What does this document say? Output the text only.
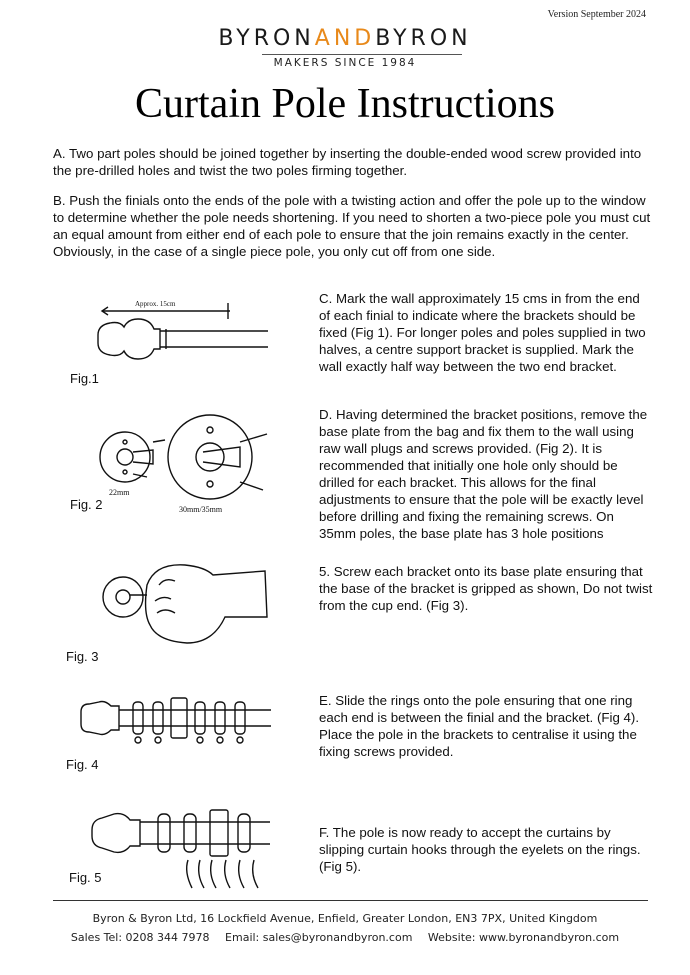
Version September 2024
BYRONANDBYRON
MAKERS SINCE 1984
Curtain Pole Instructions

A. Two part poles should be joined together by inserting the double-ended wood screw provided into the pre-drilled holes and twist the two poles firming together.

B. Push the finials onto the ends of the pole with a twisting action and offer the pole up to the window to determine whether the pole needs shortening. If you need to shorten a two-piece pole you must cut an equal amount from either end of each pole to ensure that the join remains exactly in the center. Obviously, in the case of a single piece pole, you only cut off from one side.

C. Mark the wall approximately 15 cms in from the end of each finial to indicate where the brackets should be fixed (Fig 1). For longer poles and poles supplied in two halves, a centre support bracket is supplied. Mark the wall exactly half way between the two end bracket.

Fig.1
Approx. 15cm

D. Having determined the bracket positions, remove the base plate from the bag and fix them to the wall using raw wall plugs and screws provided. (Fig 2). It is recommended that initially one hole only should be drilled for each bracket. This allows for the final adjustments to ensure that the pole will be exactly level before drilling and fixing the remaining screws. On 35mm poles, the base plate has 3 hole positions

Fig. 2
22mm
30mm/35mm

5. Screw each bracket onto its base plate ensuring that the base of the bracket is gripped as shown, Do not twist from the cup end. (Fig 3).

Fig. 3

E. Slide the rings onto the pole ensuring that one ring each end is between the finial and the bracket. (Fig 4). Place the pole in the brackets to centralise it using the fixing screws provided.

Fig. 4

F. The pole is now ready to accept the curtains by slipping curtain hooks through the eyelets on the rings. (Fig 5).

Fig. 5
Byron & Byron Ltd, 16 Lockfield Avenue, Enfield, Greater London, EN3 7PX, United Kingdom
Sales Tel: 0208 344 7978 Email: sales@byronandbyron.com Website: www.byronandbyron.com
